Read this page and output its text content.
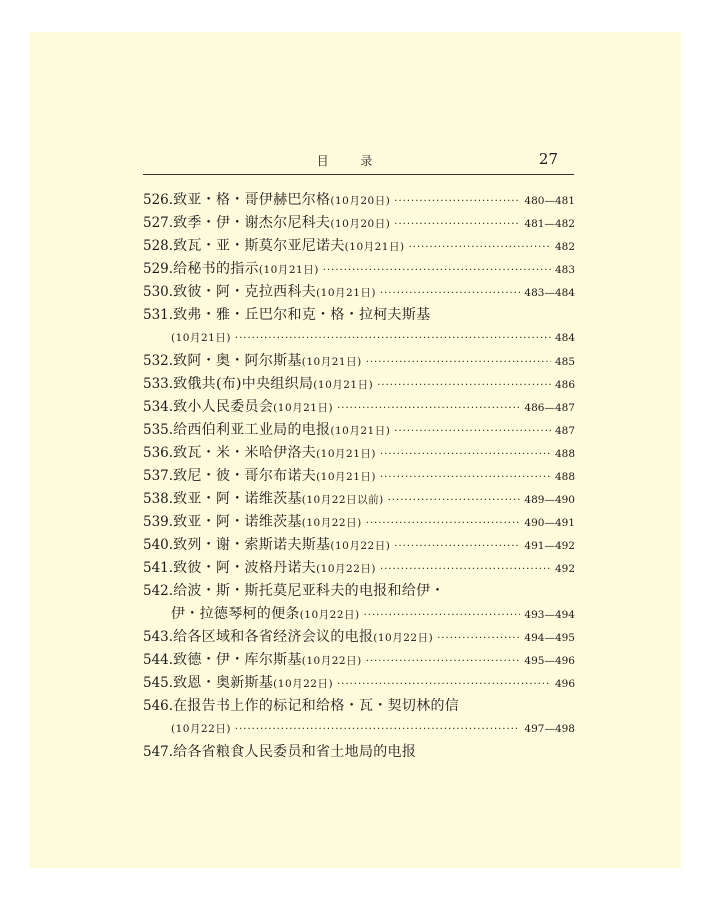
目 录	27
526. 致亚・格・哥伊赫巴尔格 (10月20日) ·····	480—481
527. 致季・伊・谢杰尔尼科夫 (10月20日) ·····	481—482
528. 致瓦・亚・斯莫尔亚尼诺夫 (10月21日) ·····	482
529. 给秘书的指示 (10月21日) ·····	483
530. 致彼・阿・克拉西科夫 (10月21日) ·····	483—484
531. 致弗・雅・丘巴尔和克・格・拉柯夫斯基
(10月21日) ·····	484
532. 致阿・奥・阿尔斯基 (10月21日) ·····	485
533. 致俄共(布)中央组织局 (10月21日) ·····	486
534. 致小人民委员会 (10月21日) ·····	486—487
535. 给西伯利亚工业局的电报 (10月21日) ·····	487
536. 致瓦・米・米哈伊洛夫 (10月21日) ·····	488
537. 致尼・彼・哥尔布诺夫 (10月21日) ·····	488
538. 致亚・阿・诺维茨基 (10月22日以前) ·····	489—490
539. 致亚・阿・诺维茨基 (10月22日) ·····	490—491
540. 致列・谢・索斯诺夫斯基 (10月22日) ·····	491—492
541. 致彼・阿・波格丹诺夫 (10月22日) ·····	492
542. 给波・斯・斯托莫尼亚科夫的电报和给伊・
伊・拉德琴柯的便条 (10月22日) ·····	493—494
543. 给各区域和各省经济会议的电报 (10月22日) ·····	494—495
544. 致德・伊・库尔斯基 (10月22日) ·····	495—496
545. 致恩・奥新斯基 (10月22日) ·····	496
546. 在报告书上作的标记和给格・瓦・契切林的信
(10月22日) ·····	497—498
547. 给各省粮食人民委员和省土地局的电报
